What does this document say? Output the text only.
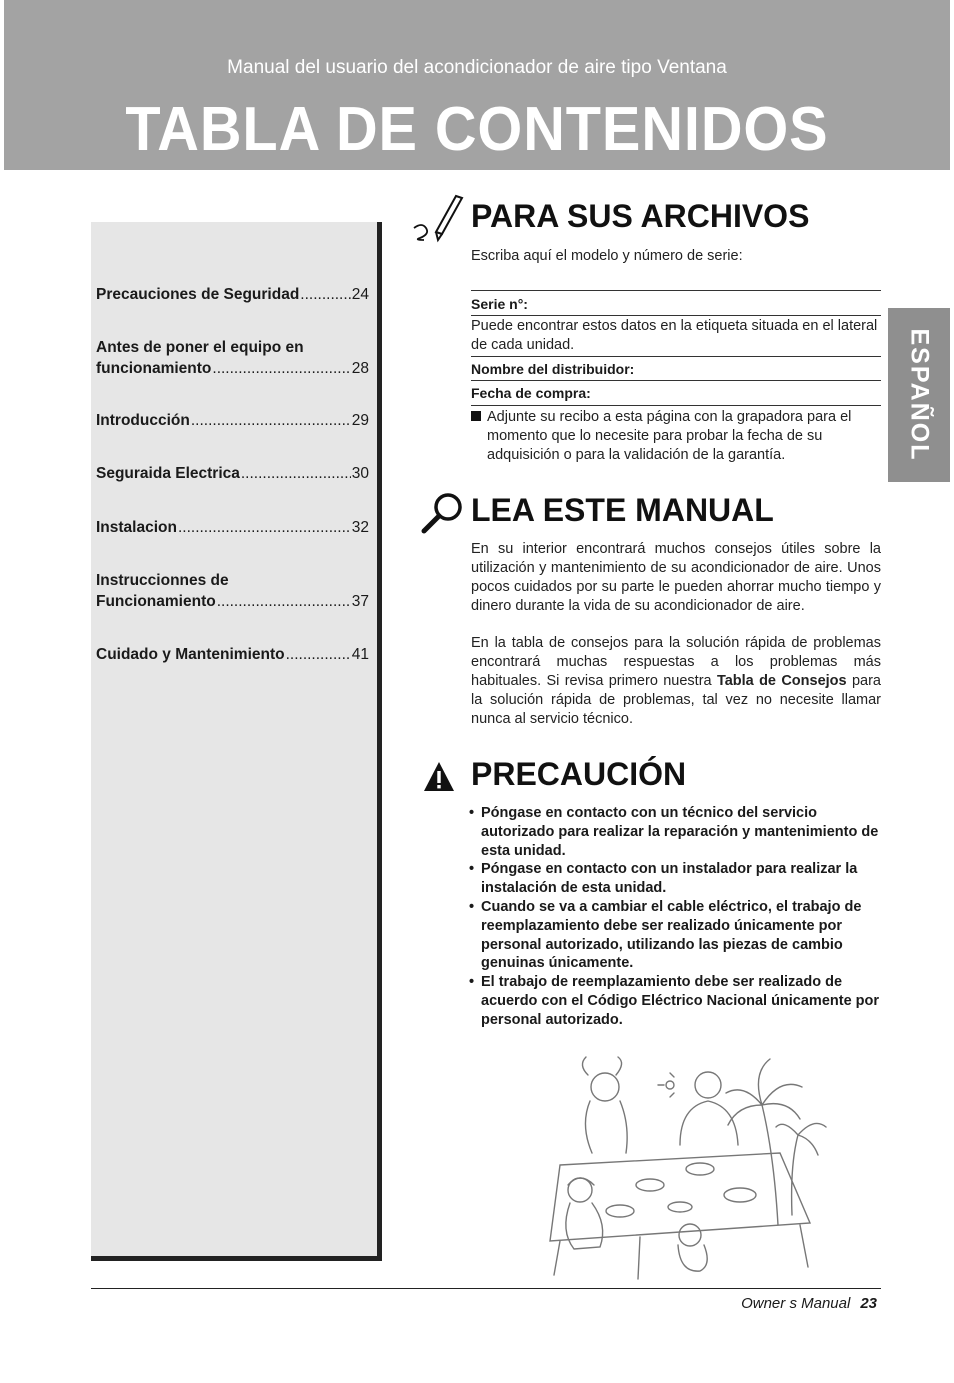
Manual del usuario del acondicionador de aire tipo Ventana
TABLA DE CONTENIDOS
ESPAÑOL
Precauciones de Seguridad .....	24
Antes de poner el equipo en
funcionamiento .....	28
Introducción .....	29
Seguraida Electrica .....	30
Instalacion .....	32
Instruccionnes de
Funcionamiento .....	37
Cuidado y Mantenimiento .....	41
PARA SUS ARCHIVOS
Escriba aquí el modelo y número de serie:
Serie n°:
Puede encontrar estos datos en la etiqueta situada en el lateral de cada unidad.
Nombre del distribuidor:
Fecha de compra:
Adjunte su recibo a esta página con la grapadora para el momento que lo necesite para probar la fecha de su adquisición o para la validación de la garantía.
LEA ESTE MANUAL
En su interior encontrará muchos consejos útiles sobre la utilización y mantenimiento de su acondicionador de aire. Unos pocos cuidados por su parte le pueden ahorrar mucho tiempo y dinero durante la vida de su acondicionador de aire.
En la tabla de consejos para la solución rápida de problemas encontrará muchas respuestas a los problemas más habituales. Si revisa primero nuestra Tabla de Consejos para la solución rápida de problemas, tal vez no necesite llamar nunca al servicio técnico.
PRECAUCIÓN
• Póngase en contacto con un técnico del servicio autorizado para realizar la reparación y mantenimiento de esta unidad.
• Póngase en contacto con un instalador para realizar la instalación de esta unidad.
• Cuando se va a cambiar el cable eléctrico, el trabajo de reemplazamiento debe ser realizado únicamente por personal autorizado, utilizando las piezas de cambio genuinas únicamente.
• El trabajo de reemplazamiento debe ser realizado de acuerdo con el Código Eléctrico Nacional únicamente por personal autorizado.
Owner s Manual 23
